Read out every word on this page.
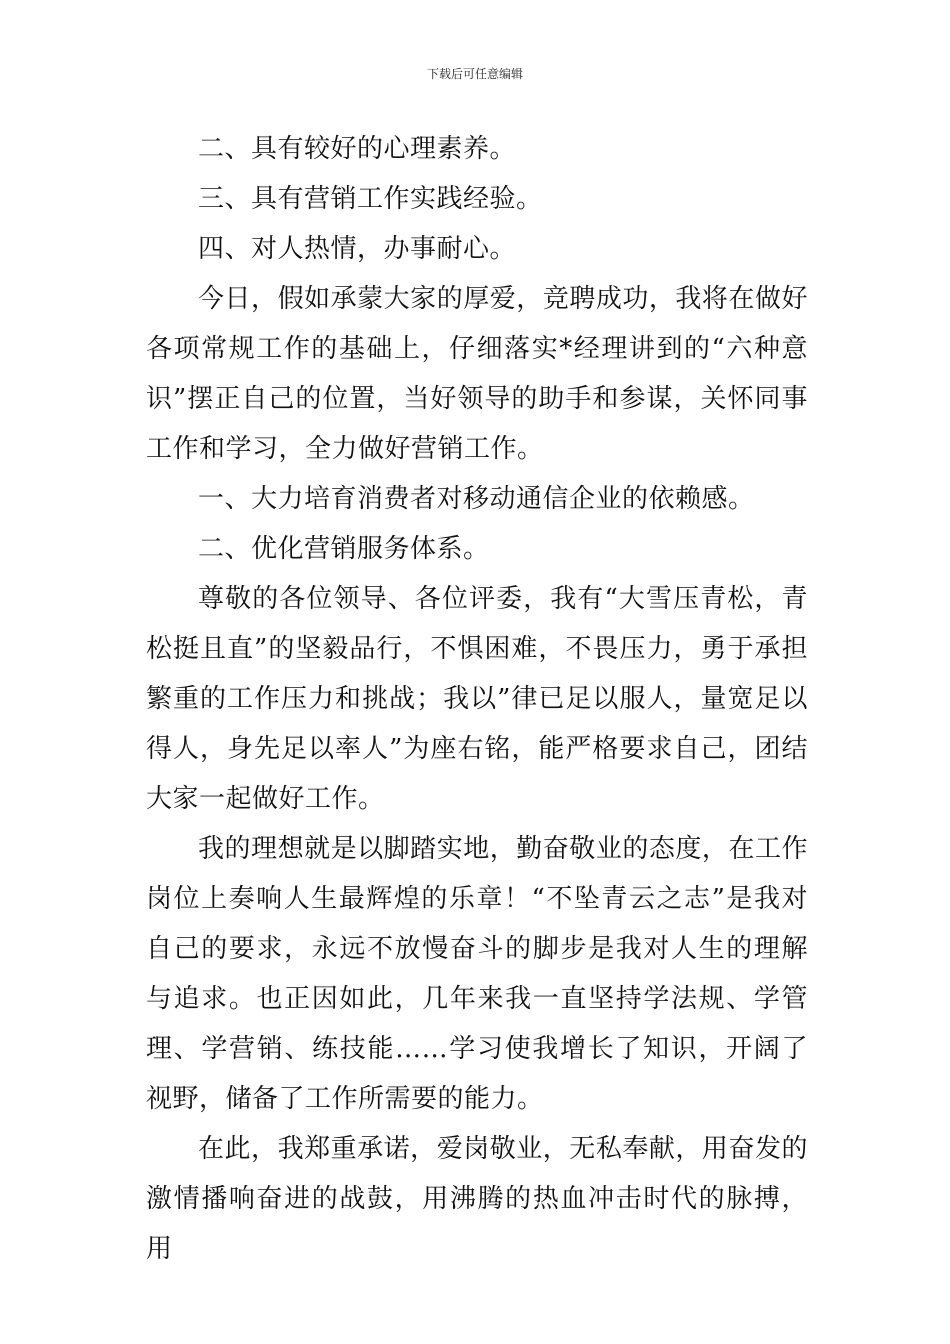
下载后可任意编辑

二、具有较好的心理素养。

三、具有营销工作实践经验。

四、对人热情，办事耐心。

今日，假如承蒙大家的厚爱，竞聘成功，我将在做好各项常规工作的基础上，仔细落实*经理讲到的“六种意识”摆正自己的位置，当好领导的助手和参谋，关怀同事工作和学习，全力做好营销工作。

一、大力培育消费者对移动通信企业的依赖感。

二、优化营销服务体系。

尊敬的各位领导、各位评委，我有“大雪压青松，青松挺且直”的坚毅品行，不惧困难，不畏压力，勇于承担繁重的工作压力和挑战；我以”律已足以服人，量宽足以得人，身先足以率人”为座右铭，能严格要求自己，团结大家一起做好工作。

我的理想就是以脚踏实地，勤奋敬业的态度，在工作岗位上奏响人生最辉煌的乐章！“不坠青云之志”是我对自己的要求，永远不放慢奋斗的脚步是我对人生的理解与追求。也正因如此，几年来我一直坚持学法规、学管理、学营销、练技能……学习使我增长了知识，开阔了视野，储备了工作所需要的能力。

在此，我郑重承诺，爱岗敬业，无私奉献，用奋发的激情播响奋进的战鼓，用沸腾的热血冲击时代的脉搏，用
